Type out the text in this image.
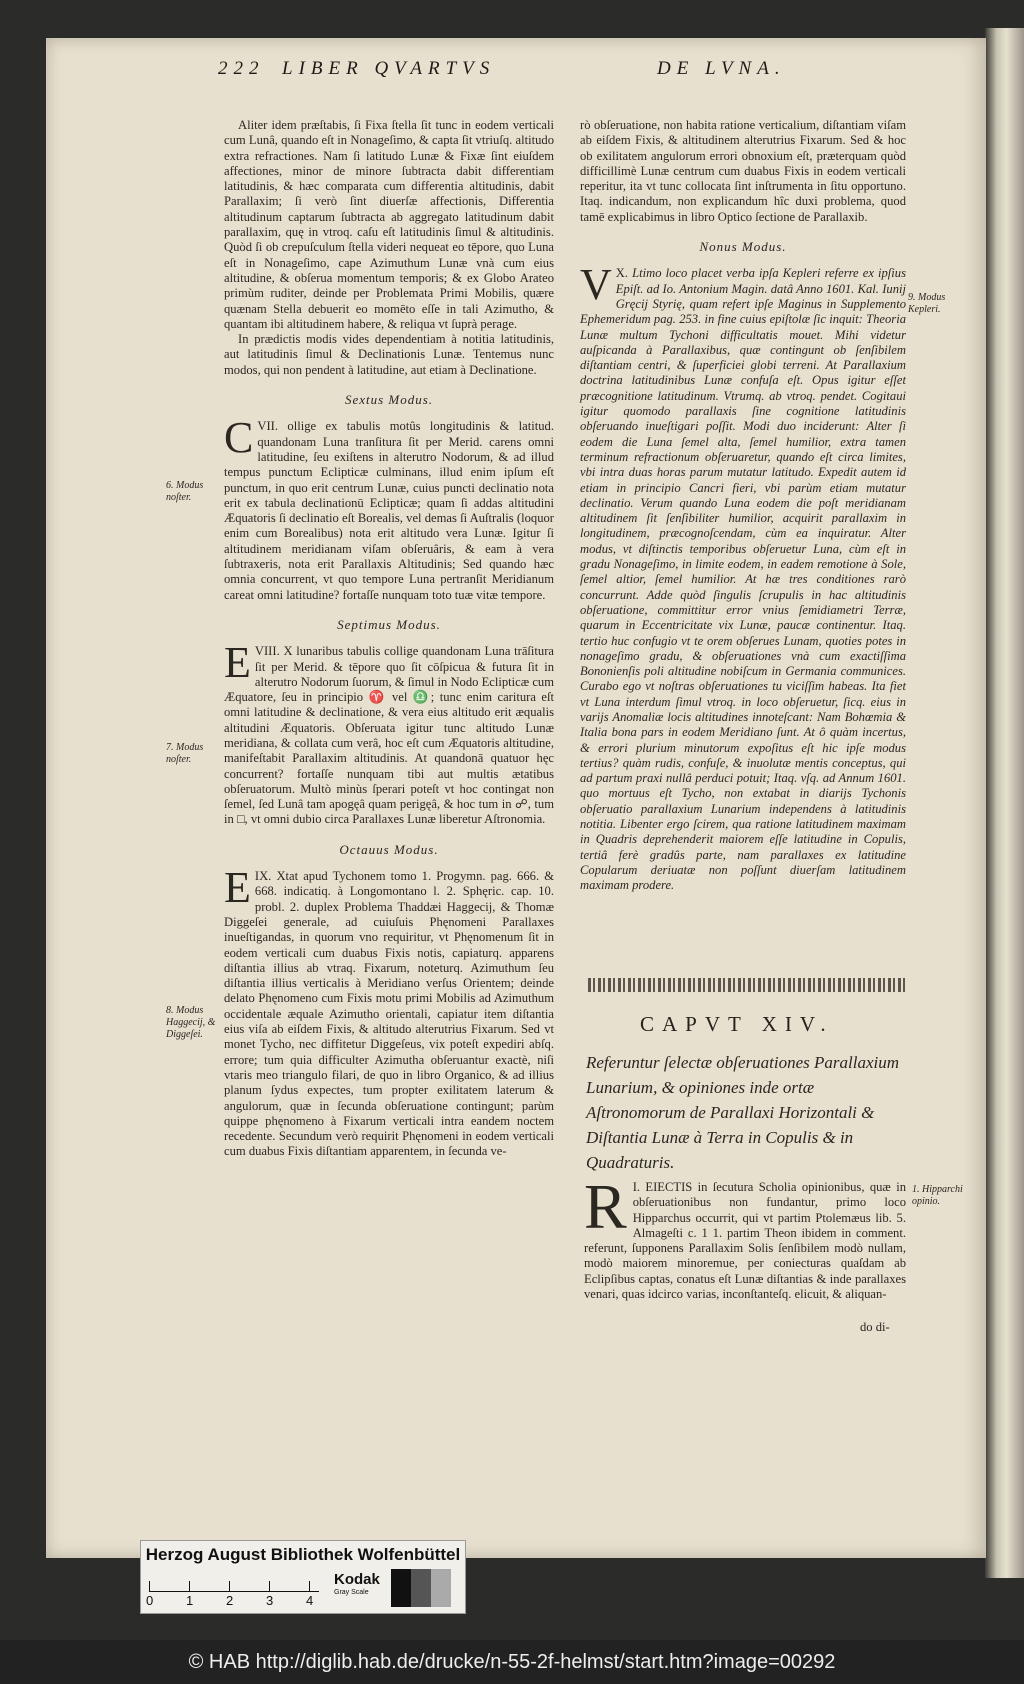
222 LIBER QVARTVS	DE LVNA.

Aliter idem præſtabis, ſi Fixa ſtella ſit tunc in eodem verticali cum Lunâ, quando eſt in Nonageſimo, & capta ſit vtriuſq. altitudo extra refractiones. Nam ſi latitudo Lunæ & Fixæ ſint eiuſdem affectiones, minor de minore ſubtracta dabit differentiam latitudinis, & hæc comparata cum differentia altitudinis, dabit Parallaxim; ſi verò ſint diuerſæ affectionis, Differentia altitudinum captarum ſubtracta ab aggregato latitudinum dabit parallaxim, quę in vtroq. caſu eſt latitudinis ſimul & altitudinis. Quòd ſi ob crepuſculum ſtella videri nequeat eo tēpore, quo Luna eſt in Nonageſimo, cape Azimuthum Lunæ vnà cum eius altitudine, & obſerua momentum temporis; & ex Globo Arateo primùm ruditer, deinde per Problemata Primi Mobilis, quære quænam Stella debuerit eo momēto eſſe in tali Azimutho, & quantam ibi altitudinem habere, & reliqua vt ſuprà perage.

In prædictis modis vides dependentiam à notitia latitudinis, aut latitudinis ſimul & Declinationis Lunæ. Tentemus nunc modos, qui non pendent à latitudine, aut etiam à Declinatione.

Sextus Modus.

VII.
C	ollige ex tabulis motûs longitudinis & latitud. quandonam Luna tranſitura ſit per Merid. carens omni latitudine, ſeu exiſtens in alterutro Nodorum, & ad illud tempus punctum Eclipticæ culminans, illud enim ipſum eſt punctum, in quo erit centrum Lunæ, cuius puncti declinatio nota erit ex tabula declinationū Eclipticæ; quam ſi addas altitudini Æquatoris ſi declinatio eſt Borealis, vel demas ſi Auſtralis (loquor enim cum Borealibus) nota erit altitudo vera Lunæ. Igitur ſi altitudinem meridianam viſam obſeruâris, & eam à vera ſubtraxeris, nota erit Parallaxis Altitudinis; Sed quando hæc omnia concurrent, vt quo tempore Luna pertranſit Meridianum careat omni latitudine? fortaſſe nunquam toto tuæ vitæ tempore.

Septimus Modus.

VIII.
E	X lunaribus tabulis collige quandonam Luna trāſitura ſit per Merid. & tēpore quo ſit cōſpicua & futura ſit in alterutro Nodorum ſuorum, & ſimul in Nodo Eclipticæ cum Æquatore, ſeu in principio ♈ vel ♎; tunc enim caritura eſt omni latitudine & declinatione, & vera eius altitudo erit æqualis altitudini Æquatoris. Obſeruata igitur tunc altitudo Lunæ meridiana, & collata cum verâ, hoc eſt cum Æquatoris altitudine, manifeſtabit Parallaxim altitudinis. At quandonā quatuor hęc concurrent? fortaſſe nunquam tibi aut multis ætatibus obſeruatorum. Multò minùs ſperari poteſt vt hoc contingat non ſemel, ſed Lunâ tam apogęâ quam perigęâ, & hoc tum in ☍, tum in □, vt omni dubio circa Parallaxes Lunæ liberetur Aſtronomia.

Octauus Modus.

IX.
E Xtat apud Tychonem tomo 1. Progymn. pag. 666. & 668. indicatiq. à Longomontano l. 2. Sphęric. cap. 10. probl. 2. duplex Problema Thaddæi Haggecij, & Thomæ Diggeſei generale, ad cuiuſuis Phęnomeni Parallaxes inueſtigandas, in quorum vno requiritur, vt Phęnomenum ſit in eodem verticali cum duabus Fixis notis, capiaturq. apparens diſtantia illius ab vtraq. Fixarum, noteturq. Azimuthum ſeu diſtantia illius verticalis à Meridiano verſus Orientem; deinde delato Phęnomeno cum Fixis motu primi Mobilis ad Azimuthum occidentale æquale Azimutho orientali, capiatur item diſtantia eius viſa ab eiſdem Fixis, & altitudo alterutrius Fixarum. Sed vt monet Tycho, nec diffitetur Diggeſeus, vix poteſt expediri abſq. errore; tum quia difficulter Azimutha obſeruantur exactè, niſi vtaris meo triangulo filari, de quo in libro Organico, & ad illius planum ſydus expectes, tum propter exilitatem laterum & angulorum, quæ in ſecunda obſeruatione contingunt; parùm quippe phęnomeno à Fixarum verticali intra eandem noctem recedente. Secundum verò requirit Phęnomeni in eodem verticali cum duabus Fixis diſtantiam apparentem, in ſecunda ve-

6. Modus noſter.
7. Modus noſter.
8. Modus Haggecij, & Diggeſei.

rò obſeruatione, non habita ratione verticalium, diſtantiam viſam ab eiſdem Fixis, & altitudinem alterutrius Fixarum. Sed & hoc ob exilitatem angulorum errori obnoxium eſt, præterquam quòd difficillimè Lunæ centrum cum duabus Fixis in eodem verticali reperitur, ita vt tunc collocata ſint inſtrumenta in ſitu opportuno. Itaq. indicandum, non explicandum hîc duxi problema, quod tamē explicabimus in libro Optico ſectione de Parallaxib.

Nonus Modus.

X.
V Ltimo loco placet verba ipſa Kepleri referre ex ipſius Epiſt. ad Io. Antonium Magin. datâ Anno 1601. Kal. Iunij Gręcij Styrię, quam refert ipſe Maginus in Supplemento Ephemeridum pag. 253. in fine cuius epiſtolæ ſic inquit: Theoria Lunæ multum Tychoni difficultatis mouet. Mihi videtur auſpicanda à Parallaxibus, quæ contingunt ob ſenſibilem diſtantiam centri, & ſuperficiei globi terreni. At Parallaxium doctrina latitudinibus Lunæ confuſa eſt. Opus igitur eſſet præcognitione latitudinum. Vtrumq. ab vtroq. pendet. Cogitaui igitur quomodo parallaxis ſine cognitione latitudinis obſeruando inueſtigari poſſit. Modi duo inciderunt: Alter ſi eodem die Luna ſemel alta, ſemel humilior, extra tamen terminum refractionum obſeruaretur, quando eſt circa limites, vbi intra duas horas parum mutatur latitudo. Expedit autem id etiam in principio Cancri fieri, vbi parùm etiam mutatur declinatio. Verum quando Luna eodem die poſt meridianam altitudinem ſit ſenſibiliter humilior, acquirit parallaxim in longitudinem, præcognoſcendam, cùm ea inquiratur. Alter modus, vt diſtinctis temporibus obſeruetur Luna, cùm eſt in gradu Nonageſimo, in limite eodem, in eadem remotione à Sole, ſemel altior, ſemel humilior. At hæ tres conditiones rarò concurrunt. Adde quòd ſingulis ſcrupulis in hac altitudinis obſeruatione, committitur error vnius ſemidiametri Terræ, quarum in Eccentricitate vix Lunæ, paucæ continentur. Itaq. tertio huc confugio vt te orem obſerues Lunam, quoties potes in nonageſimo gradu, & obſeruationes vnà cum exactiſſima Bononienſis poli altitudine nobiſcum in Germania communices. Curabo ego vt noſtras obſeruationes tu viciſſim habeas. Ita fiet vt Luna interdum ſimul vtroq. in loco obſeruetur, ſicq. eius in varijs Anomaliæ locis altitudines innoteſcant: Nam Bohœmia & Italia bona pars in eodem Meridiano ſunt. At ô quàm incertus, & errori plurium minutorum expoſitus eſt hic ipſe modus tertius? quàm rudis, confuſe, & inuolutæ mentis conceptus, qui ad partum praxi nullâ perduci potuit; Itaq. vſq. ad Annum 1601. quo mortuus eſt Tycho, non extabat in diarijs Tychonis obſeruatio parallaxium Lunarium independens à latitudinis notitia. Libenter ergo ſcirem, qua ratione latitudinem maximam in Quadris deprehenderit maiorem eſſe latitudine in Copulis, tertiâ ferè gradûs parte, nam parallaxes ex latitudine Copularum deriuatæ non poſſunt diuerſam latitudinem maximam prodere.

9. Modus
Kepleri.
CAPVT XIV.
Referuntur ſelectæ obſeruationes Parallaxium Lunarium, & opiniones inde ortæ Aſtronomorum de Parallaxi Horizontali & Diſtantia Lunæ à Terra in Copulis & in Quadraturis.

I.
R EIECTIS in ſecutura Scholia opinionibus, quæ in obſeruationibus non fundantur, primo loco Hipparchus occurrit, qui vt partim Ptolemæus lib. 5. Almageſti c. 1 1. partim Theon ibidem in comment. referunt, ſupponens Parallaxim Solis ſenſibilem modò nullam, modò maiorem minoremue, per coniecturas quaſdam ab Eclipſibus captas, conatus eſt Lunæ diſtantias & inde parallaxes venari, quas idcirco varias, inconſtanteſq. elicuit, & aliquan-

1. Hipparchi opinio.
do di-
Herzog August Bibliothek Wolfenbüttel
0	1	2	3	4
Kodak
Gray Scale
© HAB http://diglib.hab.de/drucke/n-55-2f-helmst/start.htm?image=00292
